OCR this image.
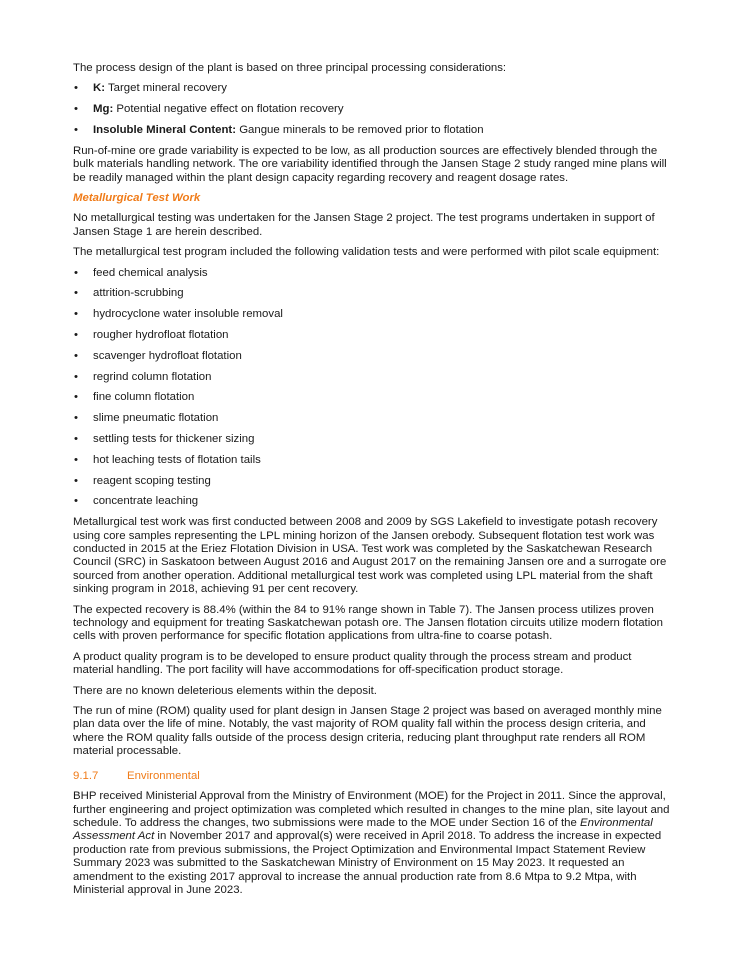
The process design of the plant is based on three principal processing considerations:

• K: Target mineral recovery
• Mg: Potential negative effect on flotation recovery
• Insoluble Mineral Content: Gangue minerals to be removed prior to flotation

Run-of-mine ore grade variability is expected to be low, as all production sources are effectively blended through the bulk materials handling network. The ore variability identified through the Jansen Stage 2 study ranged mine plans will be readily managed within the plant design capacity regarding recovery and reagent dosage rates.

Metallurgical Test Work

No metallurgical testing was undertaken for the Jansen Stage 2 project. The test programs undertaken in support of Jansen Stage 1 are herein described.

The metallurgical test program included the following validation tests and were performed with pilot scale equipment:

• feed chemical analysis
• attrition-scrubbing
• hydrocyclone water insoluble removal
• rougher hydrofloat flotation
• scavenger hydrofloat flotation
• regrind column flotation
• fine column flotation
• slime pneumatic flotation
• settling tests for thickener sizing
• hot leaching tests of flotation tails
• reagent scoping testing
• concentrate leaching

Metallurgical test work was first conducted between 2008 and 2009 by SGS Lakefield to investigate potash recovery using core samples representing the LPL mining horizon of the Jansen orebody. Subsequent flotation test work was conducted in 2015 at the Eriez Flotation Division in USA. Test work was completed by the Saskatchewan Research Council (SRC) in Saskatoon between August 2016 and August 2017 on the remaining Jansen ore and a surrogate ore sourced from another operation. Additional metallurgical test work was completed using LPL material from the shaft sinking program in 2018, achieving 91 per cent recovery.

The expected recovery is 88.4% (within the 84 to 91% range shown in Table 7). The Jansen process utilizes proven technology and equipment for treating Saskatchewan potash ore. The Jansen flotation circuits utilize modern flotation cells with proven performance for specific flotation applications from ultra-fine to coarse potash.

A product quality program is to be developed to ensure product quality through the process stream and product material handling. The port facility will have accommodations for off-specification product storage.

There are no known deleterious elements within the deposit.

The run of mine (ROM) quality used for plant design in Jansen Stage 2 project was based on averaged monthly mine plan data over the life of mine. Notably, the vast majority of ROM quality fall within the process design criteria, and where the ROM quality falls outside of the process design criteria, reducing plant throughput rate renders all ROM material processable.

9.1.7	Environmental

BHP received Ministerial Approval from the Ministry of Environment (MOE) for the Project in 2011. Since the approval, further engineering and project optimization was completed which resulted in changes to the mine plan, site layout and schedule. To address the changes, two submissions were made to the MOE under Section 16 of the Environmental Assessment Act in November 2017 and approval(s) were received in April 2018. To address the increase in expected production rate from previous submissions, the Project Optimization and Environmental Impact Statement Review Summary 2023 was submitted to the Saskatchewan Ministry of Environment on 15 May 2023. It requested an amendment to the existing 2017 approval to increase the annual production rate from 8.6 Mtpa to 9.2 Mtpa, with Ministerial approval in June 2023.
